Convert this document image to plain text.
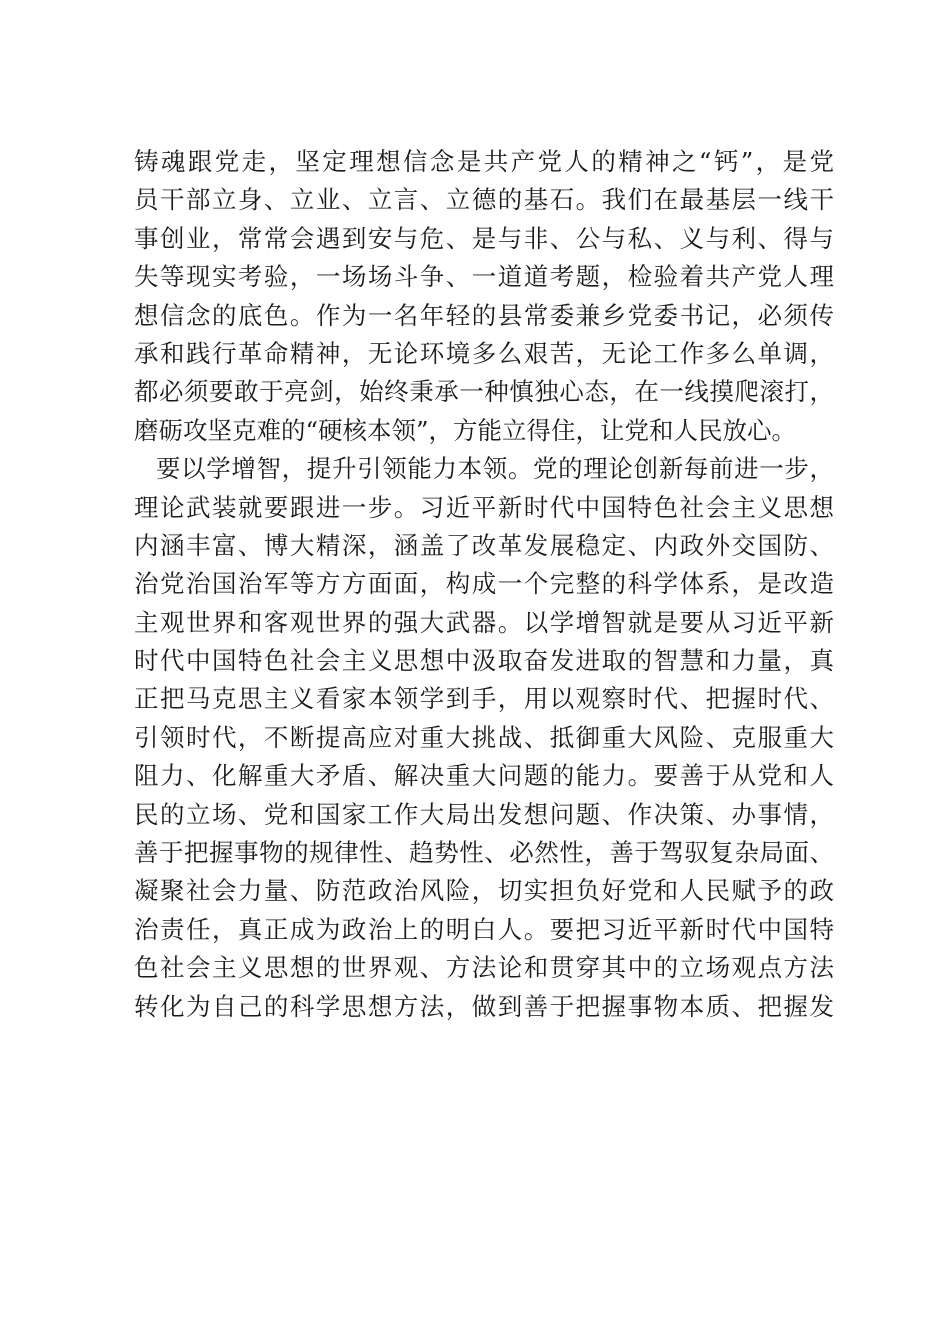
铸魂跟党走，坚定理想信念是共产党人的精神之“钙”，是党
员干部立身、立业、立言、立德的基石。我们在最基层一线干
事创业，常常会遇到安与危、是与非、公与私、义与利、得与
失等现实考验，一场场斗争、一道道考题，检验着共产党人理
想信念的底色。作为一名年轻的县常委兼乡党委书记，必须传
承和践行革命精神，无论环境多么艰苦，无论工作多么单调，
都必须要敢于亮剑，始终秉承一种慎独心态，在一线摸爬滚打，
磨砺攻坚克难的“硬核本领”，方能立得住，让党和人民放心。
要以学增智，提升引领能力本领。党的理论创新每前进一步，
理论武装就要跟进一步。习近平新时代中国特色社会主义思想
内涵丰富、博大精深，涵盖了改革发展稳定、内政外交国防、
治党治国治军等方方面面，构成一个完整的科学体系，是改造
主观世界和客观世界的强大武器。以学增智就是要从习近平新
时代中国特色社会主义思想中汲取奋发进取的智慧和力量，真
正把马克思主义看家本领学到手，用以观察时代、把握时代、
引领时代，不断提高应对重大挑战、抵御重大风险、克服重大
阻力、化解重大矛盾、解决重大问题的能力。要善于从党和人
民的立场、党和国家工作大局出发想问题、作决策、办事情，
善于把握事物的规律性、趋势性、必然性，善于驾驭复杂局面、
凝聚社会力量、防范政治风险，切实担负好党和人民赋予的政
治责任，真正成为政治上的明白人。要把习近平新时代中国特
色社会主义思想的世界观、方法论和贯穿其中的立场观点方法
转化为自己的科学思想方法，做到善于把握事物本质、把握发
